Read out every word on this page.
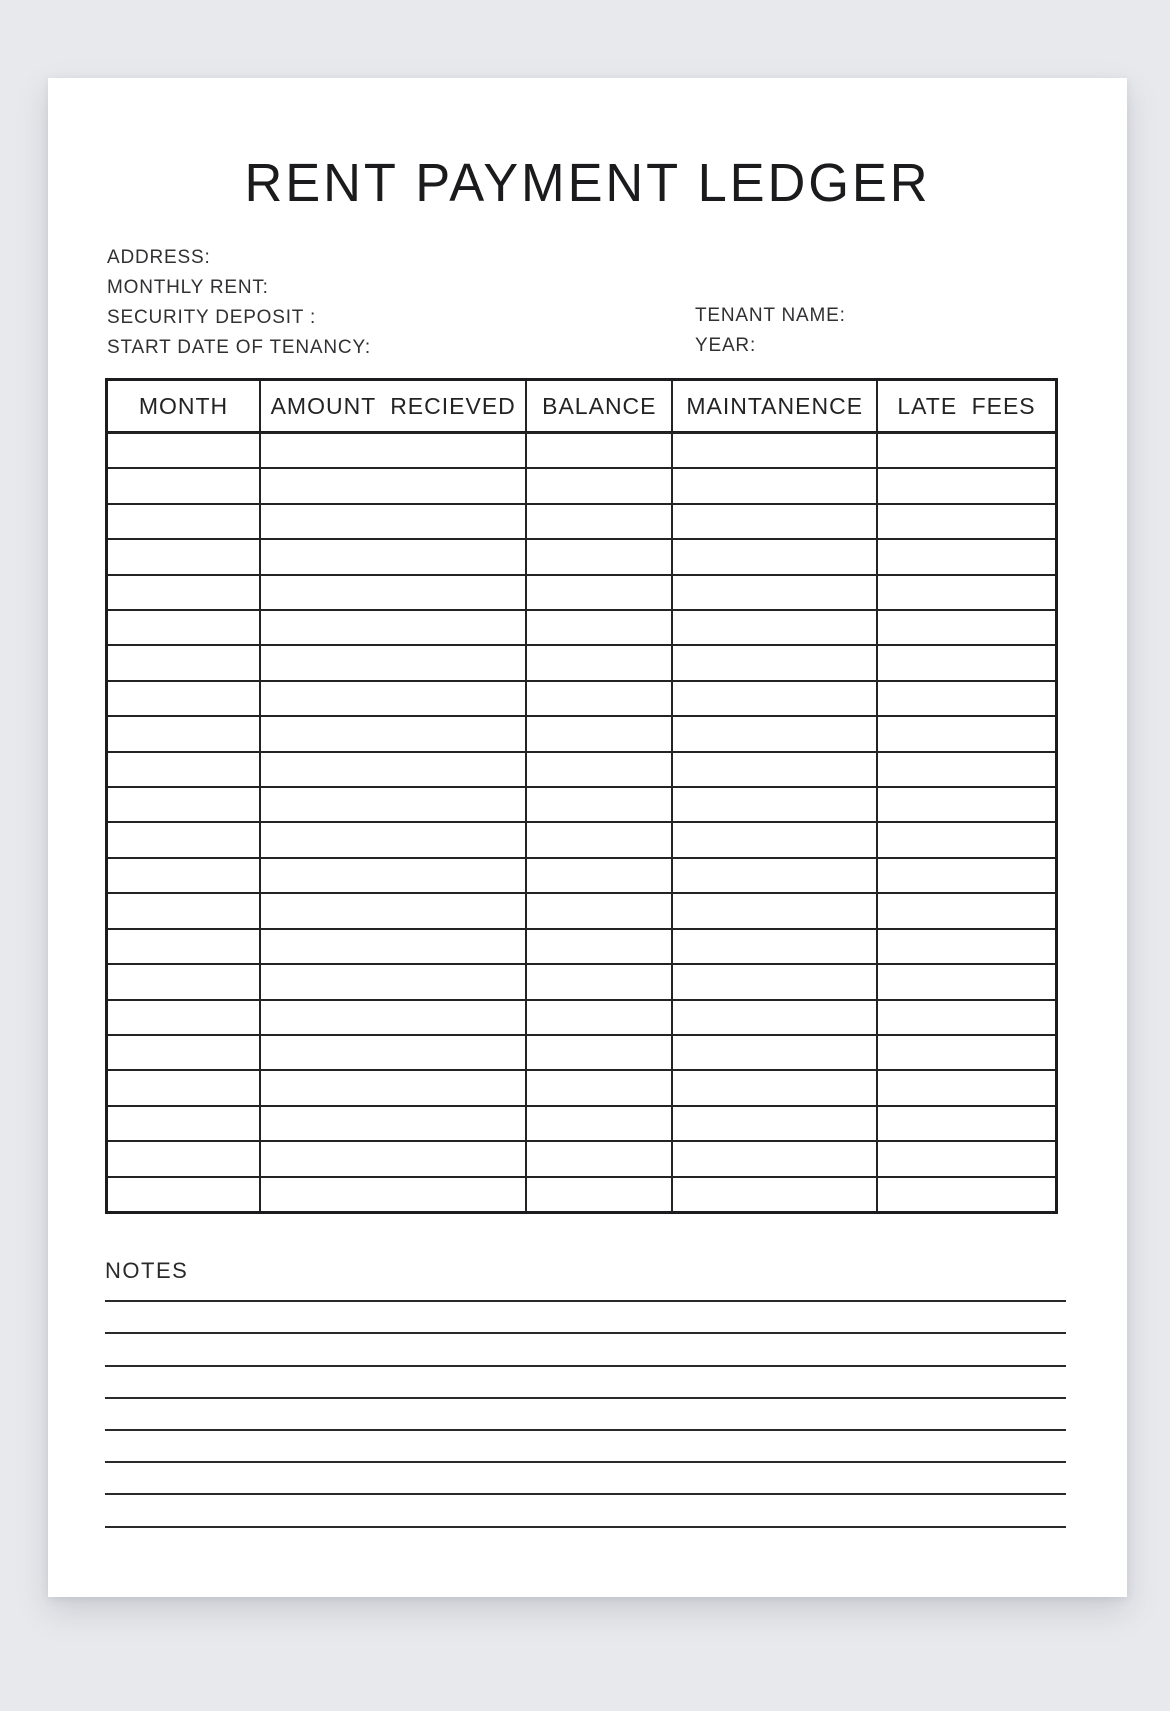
RENT PAYMENT LEDGER
ADDRESS:
MONTHLY RENT:
SECURITY DEPOSIT :
START DATE OF TENANCY:
TENANT NAME:
YEAR:
MONTH	AMOUNT RECIEVED	BALANCE	MAINTANENCE	LATE FEES
NOTES
